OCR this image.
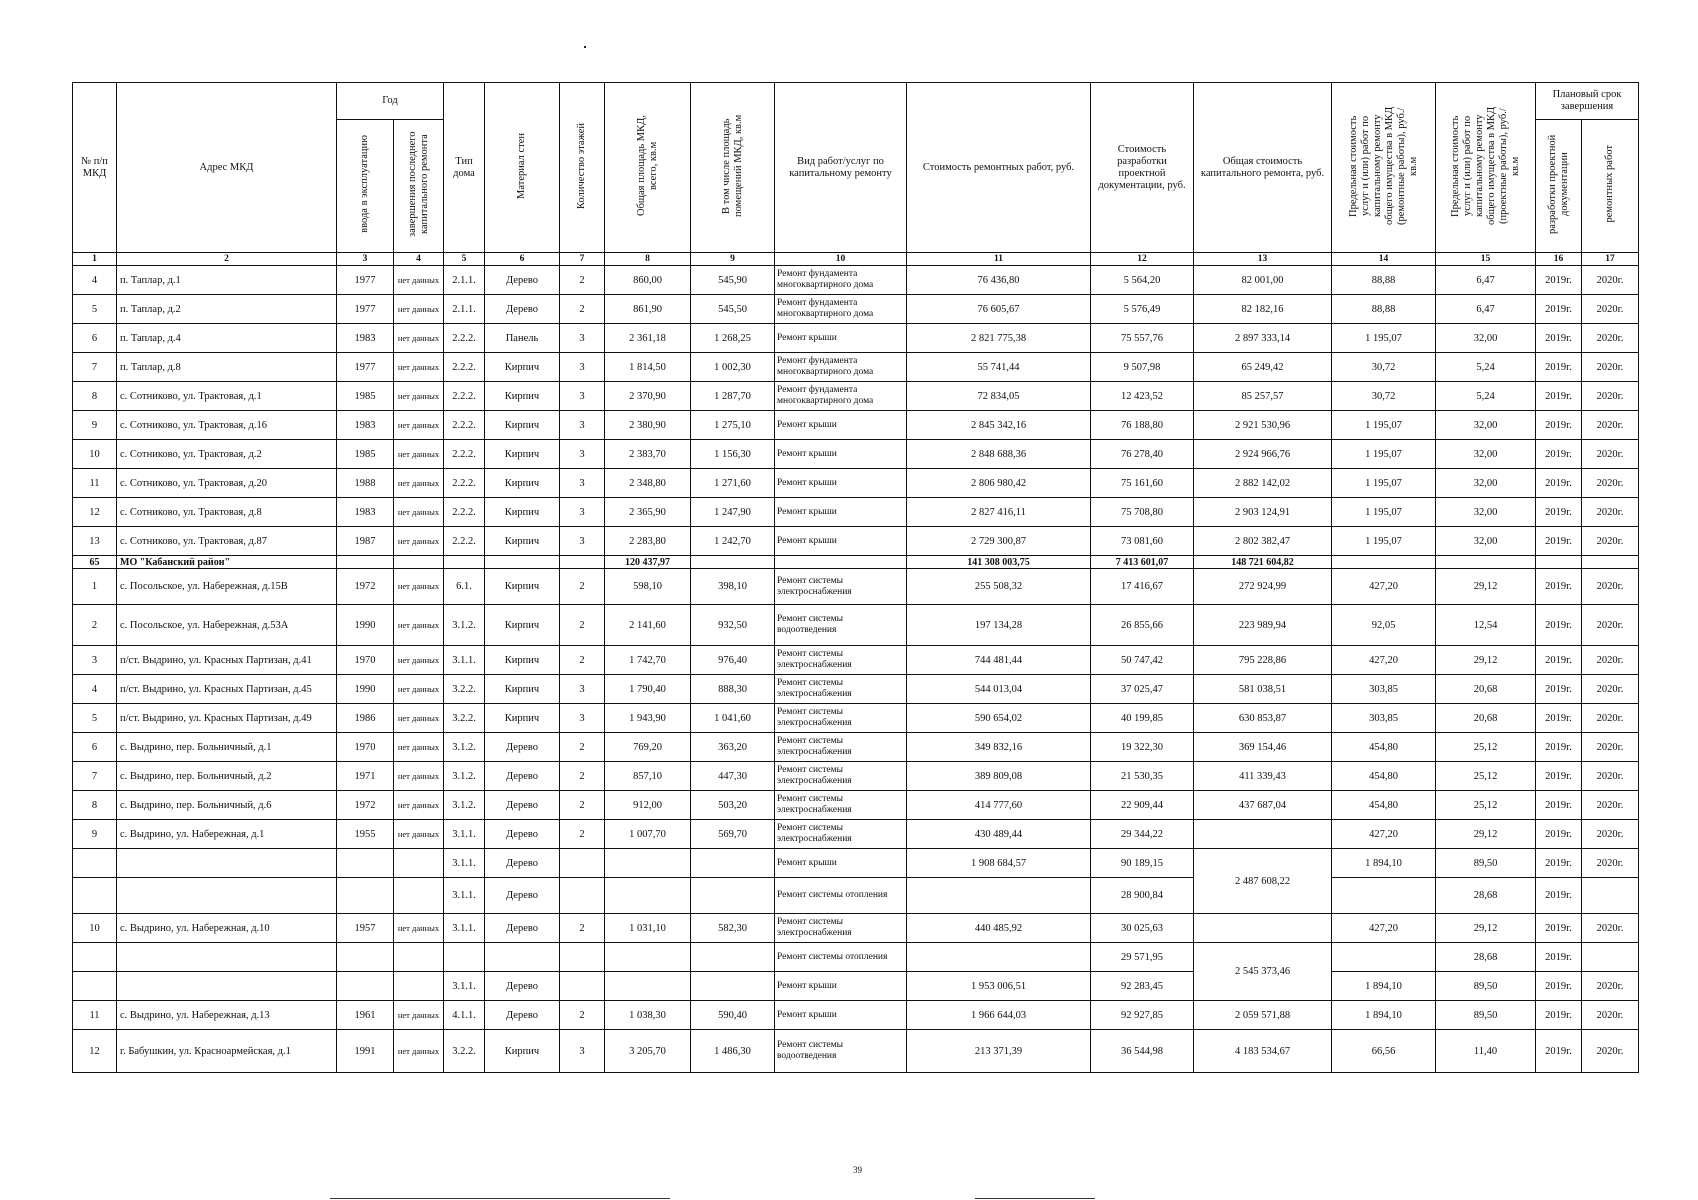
№ п/п МКД	Адрес МКД	Год		Тип дома	Материал стен	Количество этажей	Общая площадь МКД, всего, кв.м	В том числе площадь помещений МКД, кв.м	Вид работ/услуг по капитальному ремонту	Стоимость ремонтных работ, руб.	Стоимость разработки проектной документации, руб.	Общая стоимость капитального ремонта, руб.	Предельная стоимость услуг и (или) работ по капитальному ремонту общего имущества в МКД (ремонтные работы), руб./кв.м	Предельная стоимость услуг и (или) работ по капитальному ремонту общего имущества в МКД (проектные работы), руб./кв.м	Плановый срок завершения	
		ввода в эксплуатацию	завершения последнего капитального ремонта												разработки проектной документации	ремонтных работ
1	2	3	4	5	6	7	8	9	10	11	12	13	14	15	16	17
4	п. Таплар, д.1	1977	нет данных	2.1.1.	Дерево	2	860,00	545,90	Ремонт фундамента многоквартирного дома	76 436,80	5 564,20	82 001,00	88,88	6,47	2019г.	2020г.
5	п. Таплар, д.2	1977	нет данных	2.1.1.	Дерево	2	861,90	545,50	Ремонт фундамента многоквартирного дома	76 605,67	5 576,49	82 182,16	88,88	6,47	2019г.	2020г.
6	п. Таплар, д.4	1983	нет данных	2.2.2.	Панель	3	2 361,18	1 268,25	Ремонт крыши	2 821 775,38	75 557,76	2 897 333,14	1 195,07	32,00	2019г.	2020г.
7	п. Таплар, д.8	1977	нет данных	2.2.2.	Кирпич	3	1 814,50	1 002,30	Ремонт фундамента многоквартирного дома	55 741,44	9 507,98	65 249,42	30,72	5,24	2019г.	2020г.
8	с. Сотниково, ул. Трактовая, д.1	1985	нет данных	2.2.2.	Кирпич	3	2 370,90	1 287,70	Ремонт фундамента многоквартирного дома	72 834,05	12 423,52	85 257,57	30,72	5,24	2019г.	2020г.
9	с. Сотниково, ул. Трактовая, д.16	1983	нет данных	2.2.2.	Кирпич	3	2 380,90	1 275,10	Ремонт крыши	2 845 342,16	76 188,80	2 921 530,96	1 195,07	32,00	2019г.	2020г.
10	с. Сотниково, ул. Трактовая, д.2	1985	нет данных	2.2.2.	Кирпич	3	2 383,70	1 156,30	Ремонт крыши	2 848 688,36	76 278,40	2 924 966,76	1 195,07	32,00	2019г.	2020г.
11	с. Сотниково, ул. Трактовая, д.20	1988	нет данных	2.2.2.	Кирпич	3	2 348,80	1 271,60	Ремонт крыши	2 806 980,42	75 161,60	2 882 142,02	1 195,07	32,00	2019г.	2020г.
12	с. Сотниково, ул. Трактовая, д.8	1983	нет данных	2.2.2.	Кирпич	3	2 365,90	1 247,90	Ремонт крыши	2 827 416,11	75 708,80	2 903 124,91	1 195,07	32,00	2019г.	2020г.
13	с. Сотниково, ул. Трактовая, д.87	1987	нет данных	2.2.2.	Кирпич	3	2 283,80	1 242,70	Ремонт крыши	2 729 300,87	73 081,60	2 802 382,47	1 195,07	32,00	2019г.	2020г.
65	МО "Кабанский район"						120 437,97			141 308 003,75	7 413 601,07	148 721 604,82				
1	с. Посольское, ул. Набережная, д.15В	1972	нет данных	6.1.	Кирпич	2	598,10	398,10	Ремонт системы электроснабжения	255 508,32	17 416,67	272 924,99	427,20	29,12	2019г.	2020г.
2	с. Посольское, ул. Набережная, д.53А	1990	нет данных	3.1.2.	Кирпич	2	2 141,60	932,50	Ремонт системы водоотведения	197 134,28	26 855,66	223 989,94	92,05	12,54	2019г.	2020г.
3	п/ст. Выдрино, ул. Красных Партизан, д.41	1970	нет данных	3.1.1.	Кирпич	2	1 742,70	976,40	Ремонт системы электроснабжения	744 481,44	50 747,42	795 228,86	427,20	29,12	2019г.	2020г.
4	п/ст. Выдрино, ул. Красных Партизан, д.45	1990	нет данных	3.2.2.	Кирпич	3	1 790,40	888,30	Ремонт системы электроснабжения	544 013,04	37 025,47	581 038,51	303,85	20,68	2019г.	2020г.
5	п/ст. Выдрино, ул. Красных Партизан, д.49	1986	нет данных	3.2.2.	Кирпич	3	1 943,90	1 041,60	Ремонт системы электроснабжения	590 654,02	40 199,85	630 853,87	303,85	20,68	2019г.	2020г.
6	с. Выдрино, пер. Больничный, д.1	1970	нет данных	3.1.2.	Дерево	2	769,20	363,20	Ремонт системы электроснабжения	349 832,16	19 322,30	369 154,46	454,80	25,12	2019г.	2020г.
7	с. Выдрино, пер. Больничный, д.2	1971	нет данных	3.1.2.	Дерево	2	857,10	447,30	Ремонт системы электроснабжения	389 809,08	21 530,35	411 339,43	454,80	25,12	2019г.	2020г.
8	с. Выдрино, пер. Больничный, д.6	1972	нет данных	3.1.2.	Дерево	2	912,00	503,20	Ремонт системы электроснабжения	414 777,60	22 909,44	437 687,04	454,80	25,12	2019г.	2020г.
9	с. Выдрино, ул. Набережная, д.1	1955	нет данных	3.1.1.	Дерево	2	1 007,70	569,70	Ремонт системы электроснабжения	430 489,44	29 344,22		427,20	29,12	2019г.	2020г.
				3.1.1.	Дерево				Ремонт крыши	1 908 684,57	90 189,15	2 487 608,22	1 894,10	89,50	2019г.	2020г.
				3.1.1.	Дерево				Ремонт системы отопления		28 900,84			28,68	2019г.	
10	с. Выдрино, ул. Набережная, д.10	1957	нет данных	3.1.1.	Дерево	2	1 031,10	582,30	Ремонт системы электроснабжения	440 485,92	30 025,63		427,20	29,12	2019г.	2020г.
									Ремонт системы отопления		29 571,95	2 545 373,46		28,68	2019г.	
				3.1.1.	Дерево				Ремонт крыши	1 953 006,51	92 283,45		1 894,10	89,50	2019г.	2020г.
11	с. Выдрино, ул. Набережная, д.13	1961	нет данных	4.1.1.	Дерево	2	1 038,30	590,40	Ремонт крыши	1 966 644,03	92 927,85	2 059 571,88	1 894,10	89,50	2019г.	2020г.
12	г. Бабушкин, ул. Красноармейская, д.1	1991	нет данных	3.2.2.	Кирпич	3	3 205,70	1 486,30	Ремонт системы водоотведения	213 371,39	36 544,98	4 183 534,67	66,56	11,40	2019г.	2020г.
39
